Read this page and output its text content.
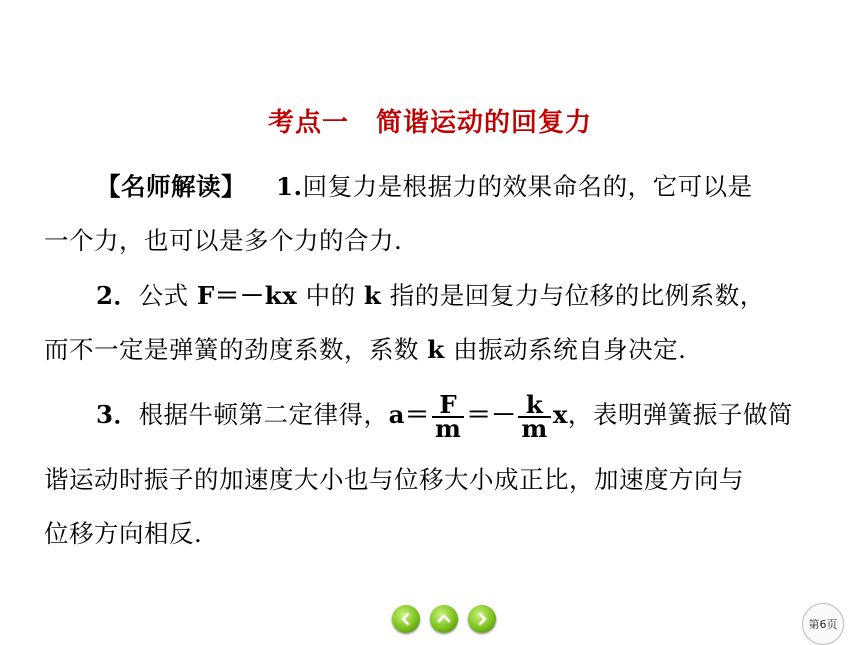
考点一　简谐运动的回复力
【名师解读】 1.回复力是根据力的效果命名的，它可以是
一个力，也可以是多个力的合力.
2．公式 F＝－kx 中的 k 指的是回复力与位移的比例系数，
而不一定是弹簧的劲度系数，系数 k 由振动系统自身决定.
3．根据牛顿第二定律得，$a= \frac{F}{m} =- \frac{k}{m}$ x，表明弹簧振子做简
谐运动时振子的加速度大小也与位移大小成正比，加速度方向与
位移方向相反.
第6页
